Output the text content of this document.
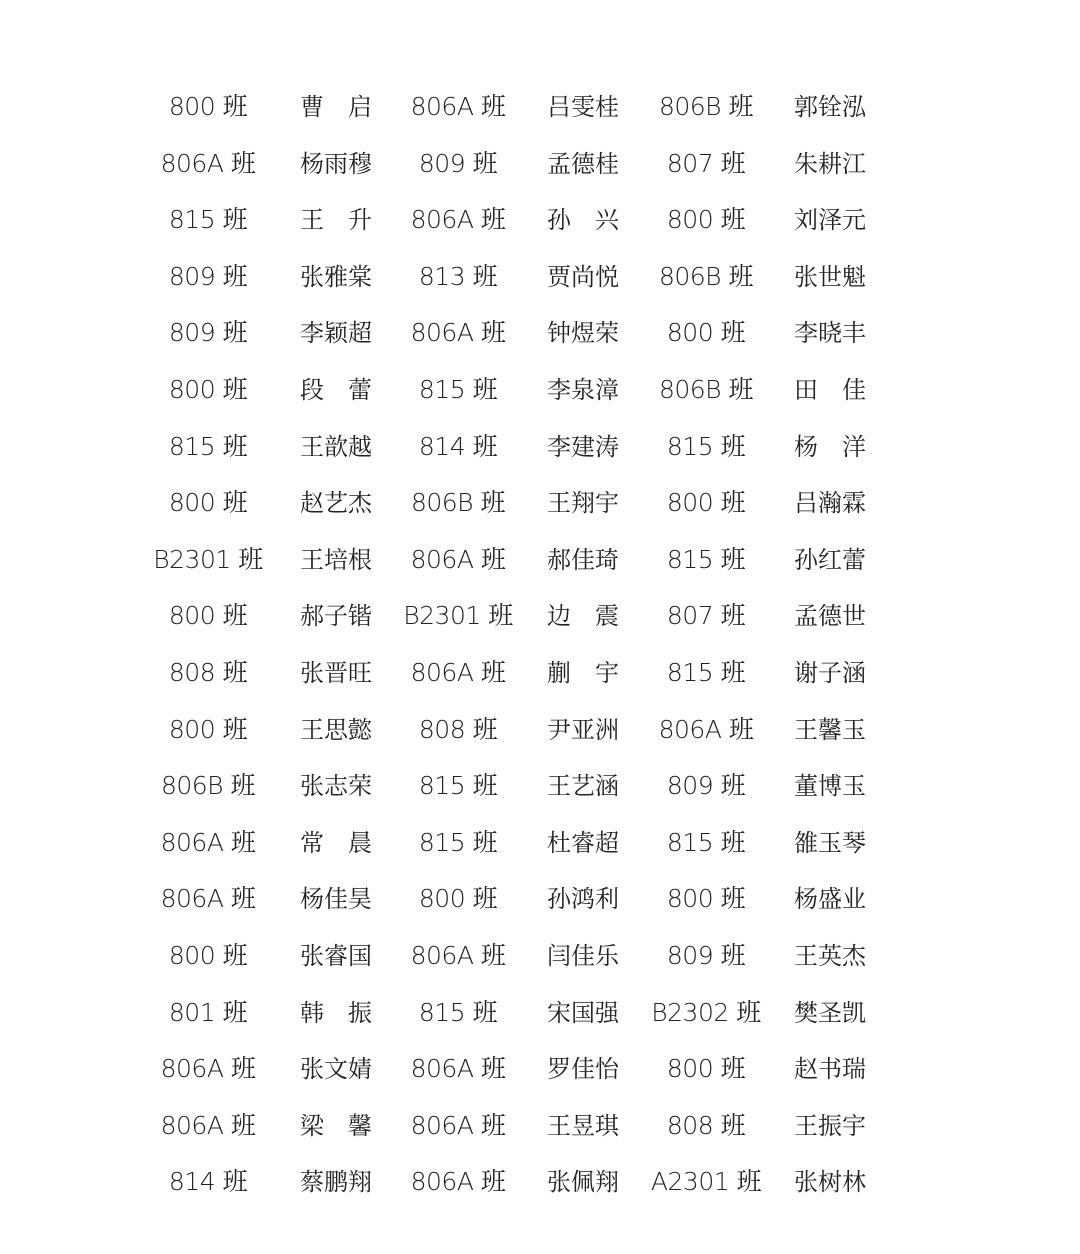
800 班	曹　启	806A 班	吕雯桂	806B 班	郭铨泓
806A 班	杨雨穆	809 班	孟德桂	807 班	朱耕江
815 班	王　升	806A 班	孙　兴	800 班	刘泽元
809 班	张雅棠	813 班	贾尚悦	806B 班	张世魁
809 班	李颖超	806A 班	钟煜荣	800 班	李晓丰
800 班	段　蕾	815 班	李泉漳	806B 班	田　佳
815 班	王歆越	814 班	李建涛	815 班	杨　洋
800 班	赵艺杰	806B 班	王翔宇	800 班	吕瀚霖
B2301 班	王培根	806A 班	郝佳琦	815 班	孙红蕾
800 班	郝子锴	B2301 班	边　震	807 班	孟德世
808 班	张晋旺	806A 班	蒯　宇	815 班	谢子涵
800 班	王思懿	808 班	尹亚洲	806A 班	王馨玉
806B 班	张志荣	815 班	王艺涵	809 班	董博玉
806A 班	常　晨	815 班	杜睿超	815 班	雒玉琴
806A 班	杨佳昊	800 班	孙鸿利	800 班	杨盛业
800 班	张睿国	806A 班	闫佳乐	809 班	王英杰
801 班	韩　振	815 班	宋国强	B2302 班	樊圣凯
806A 班	张文婧	806A 班	罗佳怡	800 班	赵书瑞
806A 班	梁　馨	806A 班	王昱琪	808 班	王振宇
814 班	蔡鹏翔	806A 班	张佩翔	A2301 班	张树林
